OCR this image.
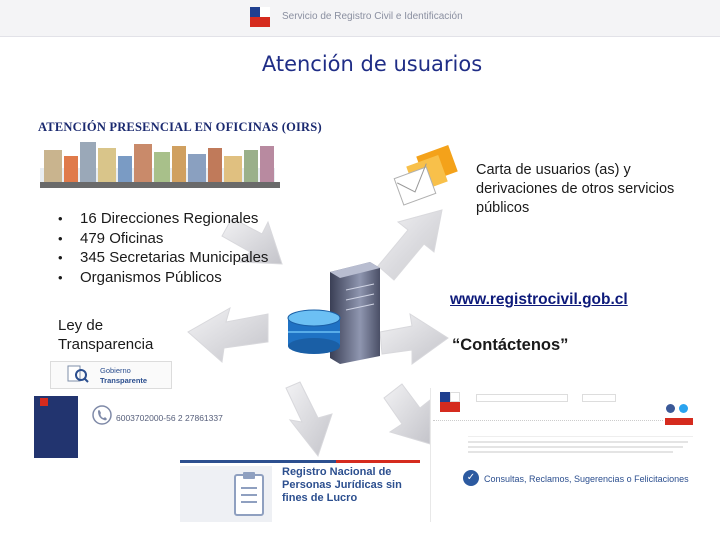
Servicio de Registro Civil e Identificación
Atención de usuarios
ATENCIÓN PRESENCIAL EN OFICINAS (OIRS)
• 16 Direcciones Regionales
• 479 Oficinas
• 345 Secretarias Municipales
• Organismos Públicos
Ley de
Transparencia
Carta de usuarios (as) y derivaciones de otros servicios públicos
www.registrocivil.gob.cl
“Contáctenos”
Gobierno
Transparente
6003702000-56 2 27861337
Registro Nacional de Personas Jurídicas sin fines de Lucro
✓ Consultas, Reclamos, Sugerencias o Felicitaciones
